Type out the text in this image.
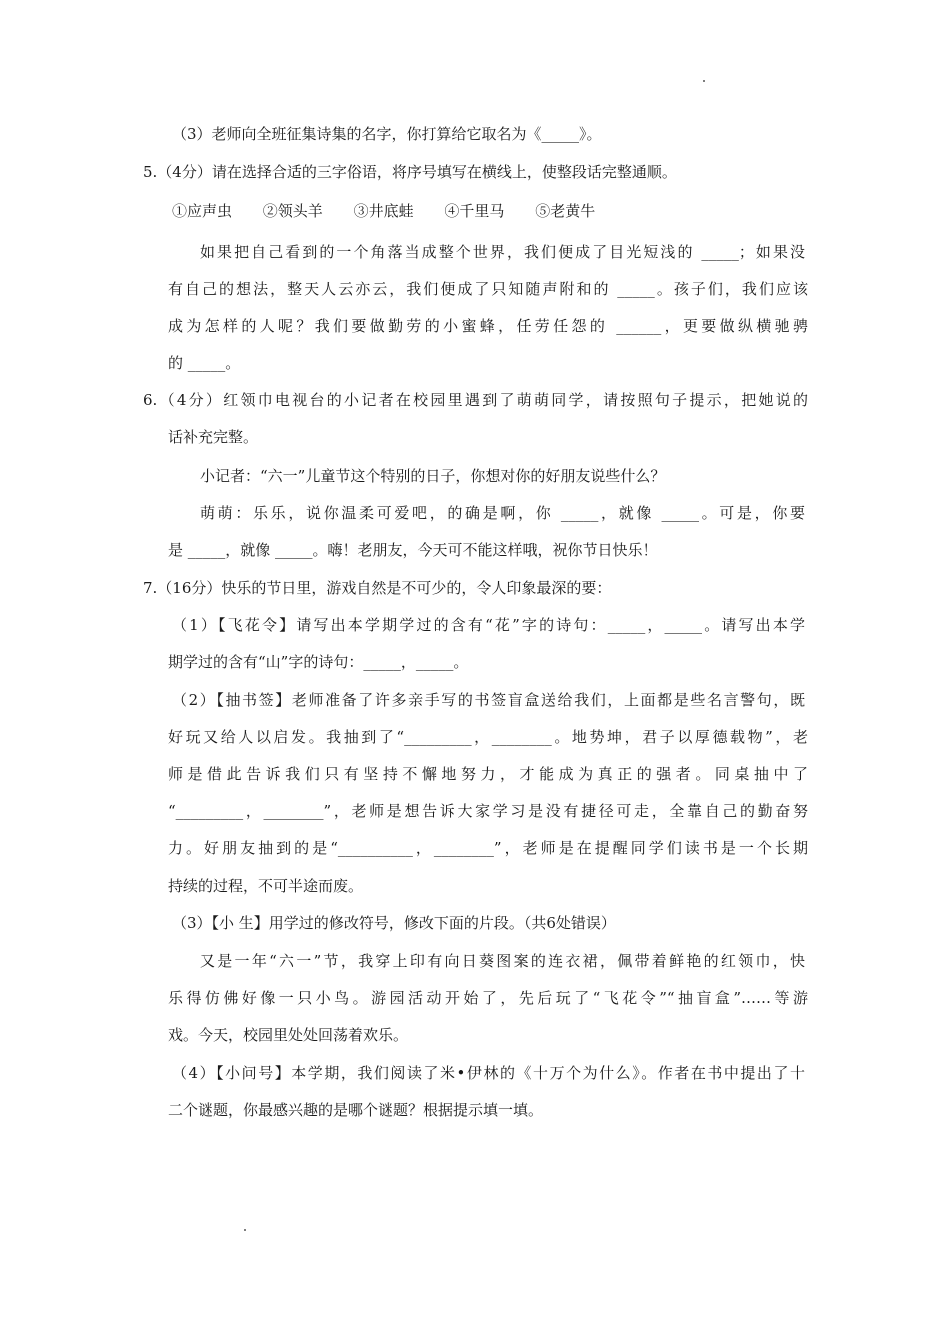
（3）老师向全班征集诗集的名字，你打算给它取名为《_____》。
5.（4分）请在选择合适的三字俗语，将序号填写在横线上，使整段话完整通顺。
①应声虫 ②领头羊 ③井底蛙 ④千里马 ⑤老黄牛
如果把自己看到的一个角落当成整个世界，我们便成了目光短浅的 _____；如果没
有自己的想法，整天人云亦云，我们便成了只知随声附和的 _____。孩子们，我们应该
成为怎样的人呢？我们要做勤劳的小蜜蜂，任劳任怨的 ______，更要做纵横驰骋
的 _____。
6.（4分）红领巾电视台的小记者在校园里遇到了萌萌同学，请按照句子提示，把她说的
话补充完整。
小记者：“六一”儿童节这个特别的日子，你想对你的好朋友说些什么？
萌萌：乐乐，说你温柔可爱吧，的确是啊，你 _____，就像 _____。可是，你要
是 _____，就像 _____。嗨！老朋友，今天可不能这样哦，祝你节日快乐！
7.（16分）快乐的节日里，游戏自然是不可少的，令人印象最深的要：
（1）【飞花令】请写出本学期学过的含有“花”字的诗句：_____，_____。请写出本学
期学过的含有“山”字的诗句：_____，_____。
（2）【抽书签】老师准备了许多亲手写的书签盲盒送给我们，上面都是些名言警句，既
好玩又给人以启发。我抽到了“_________，________。地势坤，君子以厚德载物”，老
师是借此告诉我们只有坚持不懈地努力，才能成为真正的强者。同桌抽中了
“_________，________”，老师是想告诉大家学习是没有捷径可走，全靠自己的勤奋努
力。好朋友抽到的是“__________，________”，老师是在提醒同学们读书是一个长期
持续的过程，不可半途而废。
（3）【小 生】用学过的修改符号，修改下面的片段。（共6处错误）
又是一年“六一”节，我穿上印有向日葵图案的连衣裙，佩带着鲜艳的红领巾，快
乐得仿佛好像一只小鸟。游园活动开始了，先后玩了“飞花令”“抽盲盒”……等游
戏。今天，校园里处处回荡着欢乐。
（4）【小问号】本学期，我们阅读了米•伊林的《十万个为什么》。作者在书中提出了十
二个谜题，你最感兴趣的是哪个谜题？根据提示填一填。
